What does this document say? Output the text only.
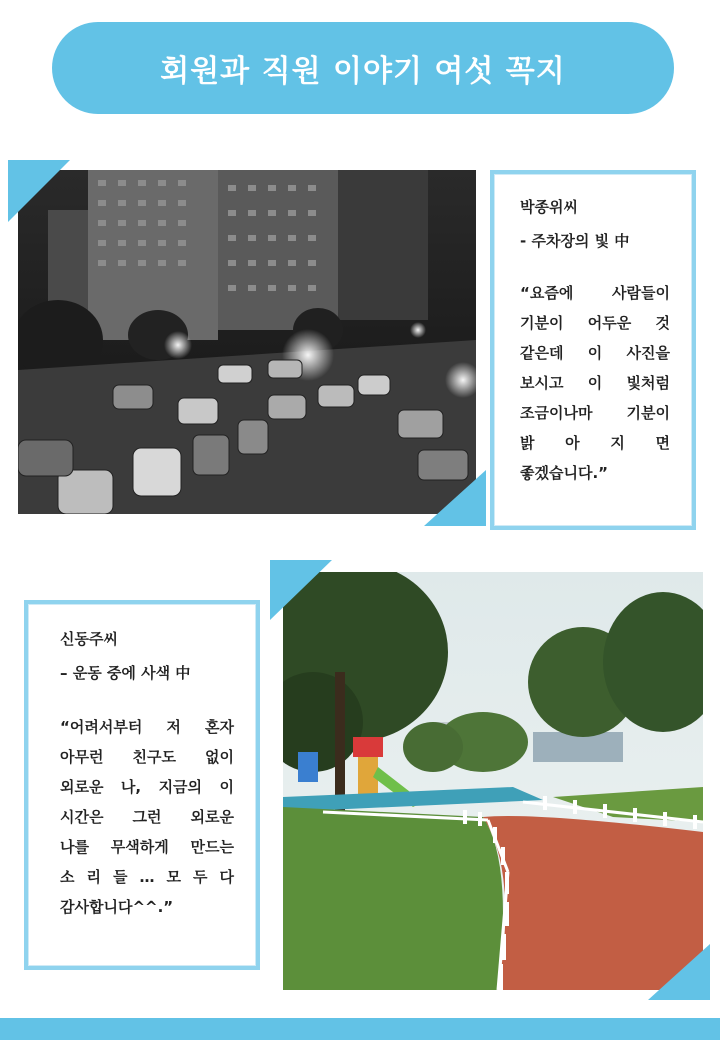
회원과 직원 이야기 여섯 꼭지
박종위씨
- 주차장의 빛 中
“요즘에 사람들이
기분이 어두운 것
같은데 이 사진을
보시고 이 빛처럼
조금이나마 기분이
밝 아 지 면
좋겠습니다.”
신동주씨
– 운동 중에 사색 中
“어려서부터 저 혼자
아무런 친구도 없이
외로운 나, 지금의 이
시간은 그런 외로운
나를 무색하게 만드는
소 리 들 … 모 두 다
감사합니다^^.”
